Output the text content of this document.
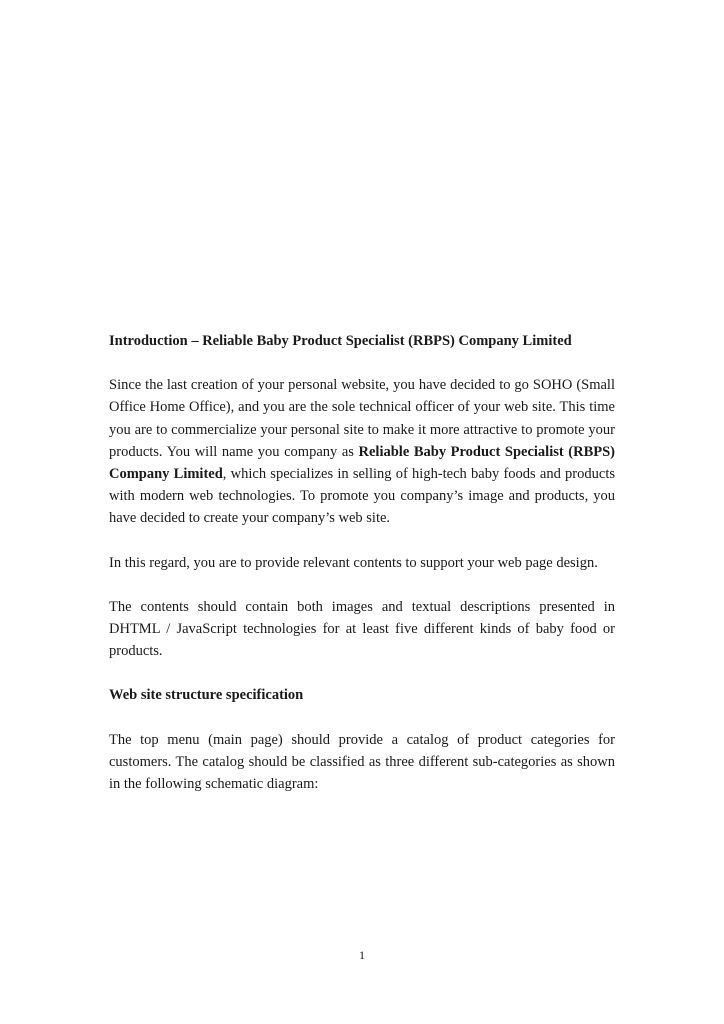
Introduction – Reliable Baby Product Specialist (RBPS) Company Limited

Since the last creation of your personal website, you have decided to go SOHO (Small Office Home Office), and you are the sole technical officer of your web site. This time you are to commercialize your personal site to make it more attractive to promote your products. You will name you company as Reliable Baby Product Specialist (RBPS) Company Limited, which specializes in selling of high-tech baby foods and products with modern web technologies. To promote you company’s image and products, you have decided to create your company’s web site.

In this regard, you are to provide relevant contents to support your web page design.

The contents should contain both images and textual descriptions presented in DHTML / JavaScript technologies for at least five different kinds of baby food or products.

Web site structure specification

The top menu (main page) should provide a catalog of product categories for customers. The catalog should be classified as three different sub-categories as shown in the following schematic diagram:

1
